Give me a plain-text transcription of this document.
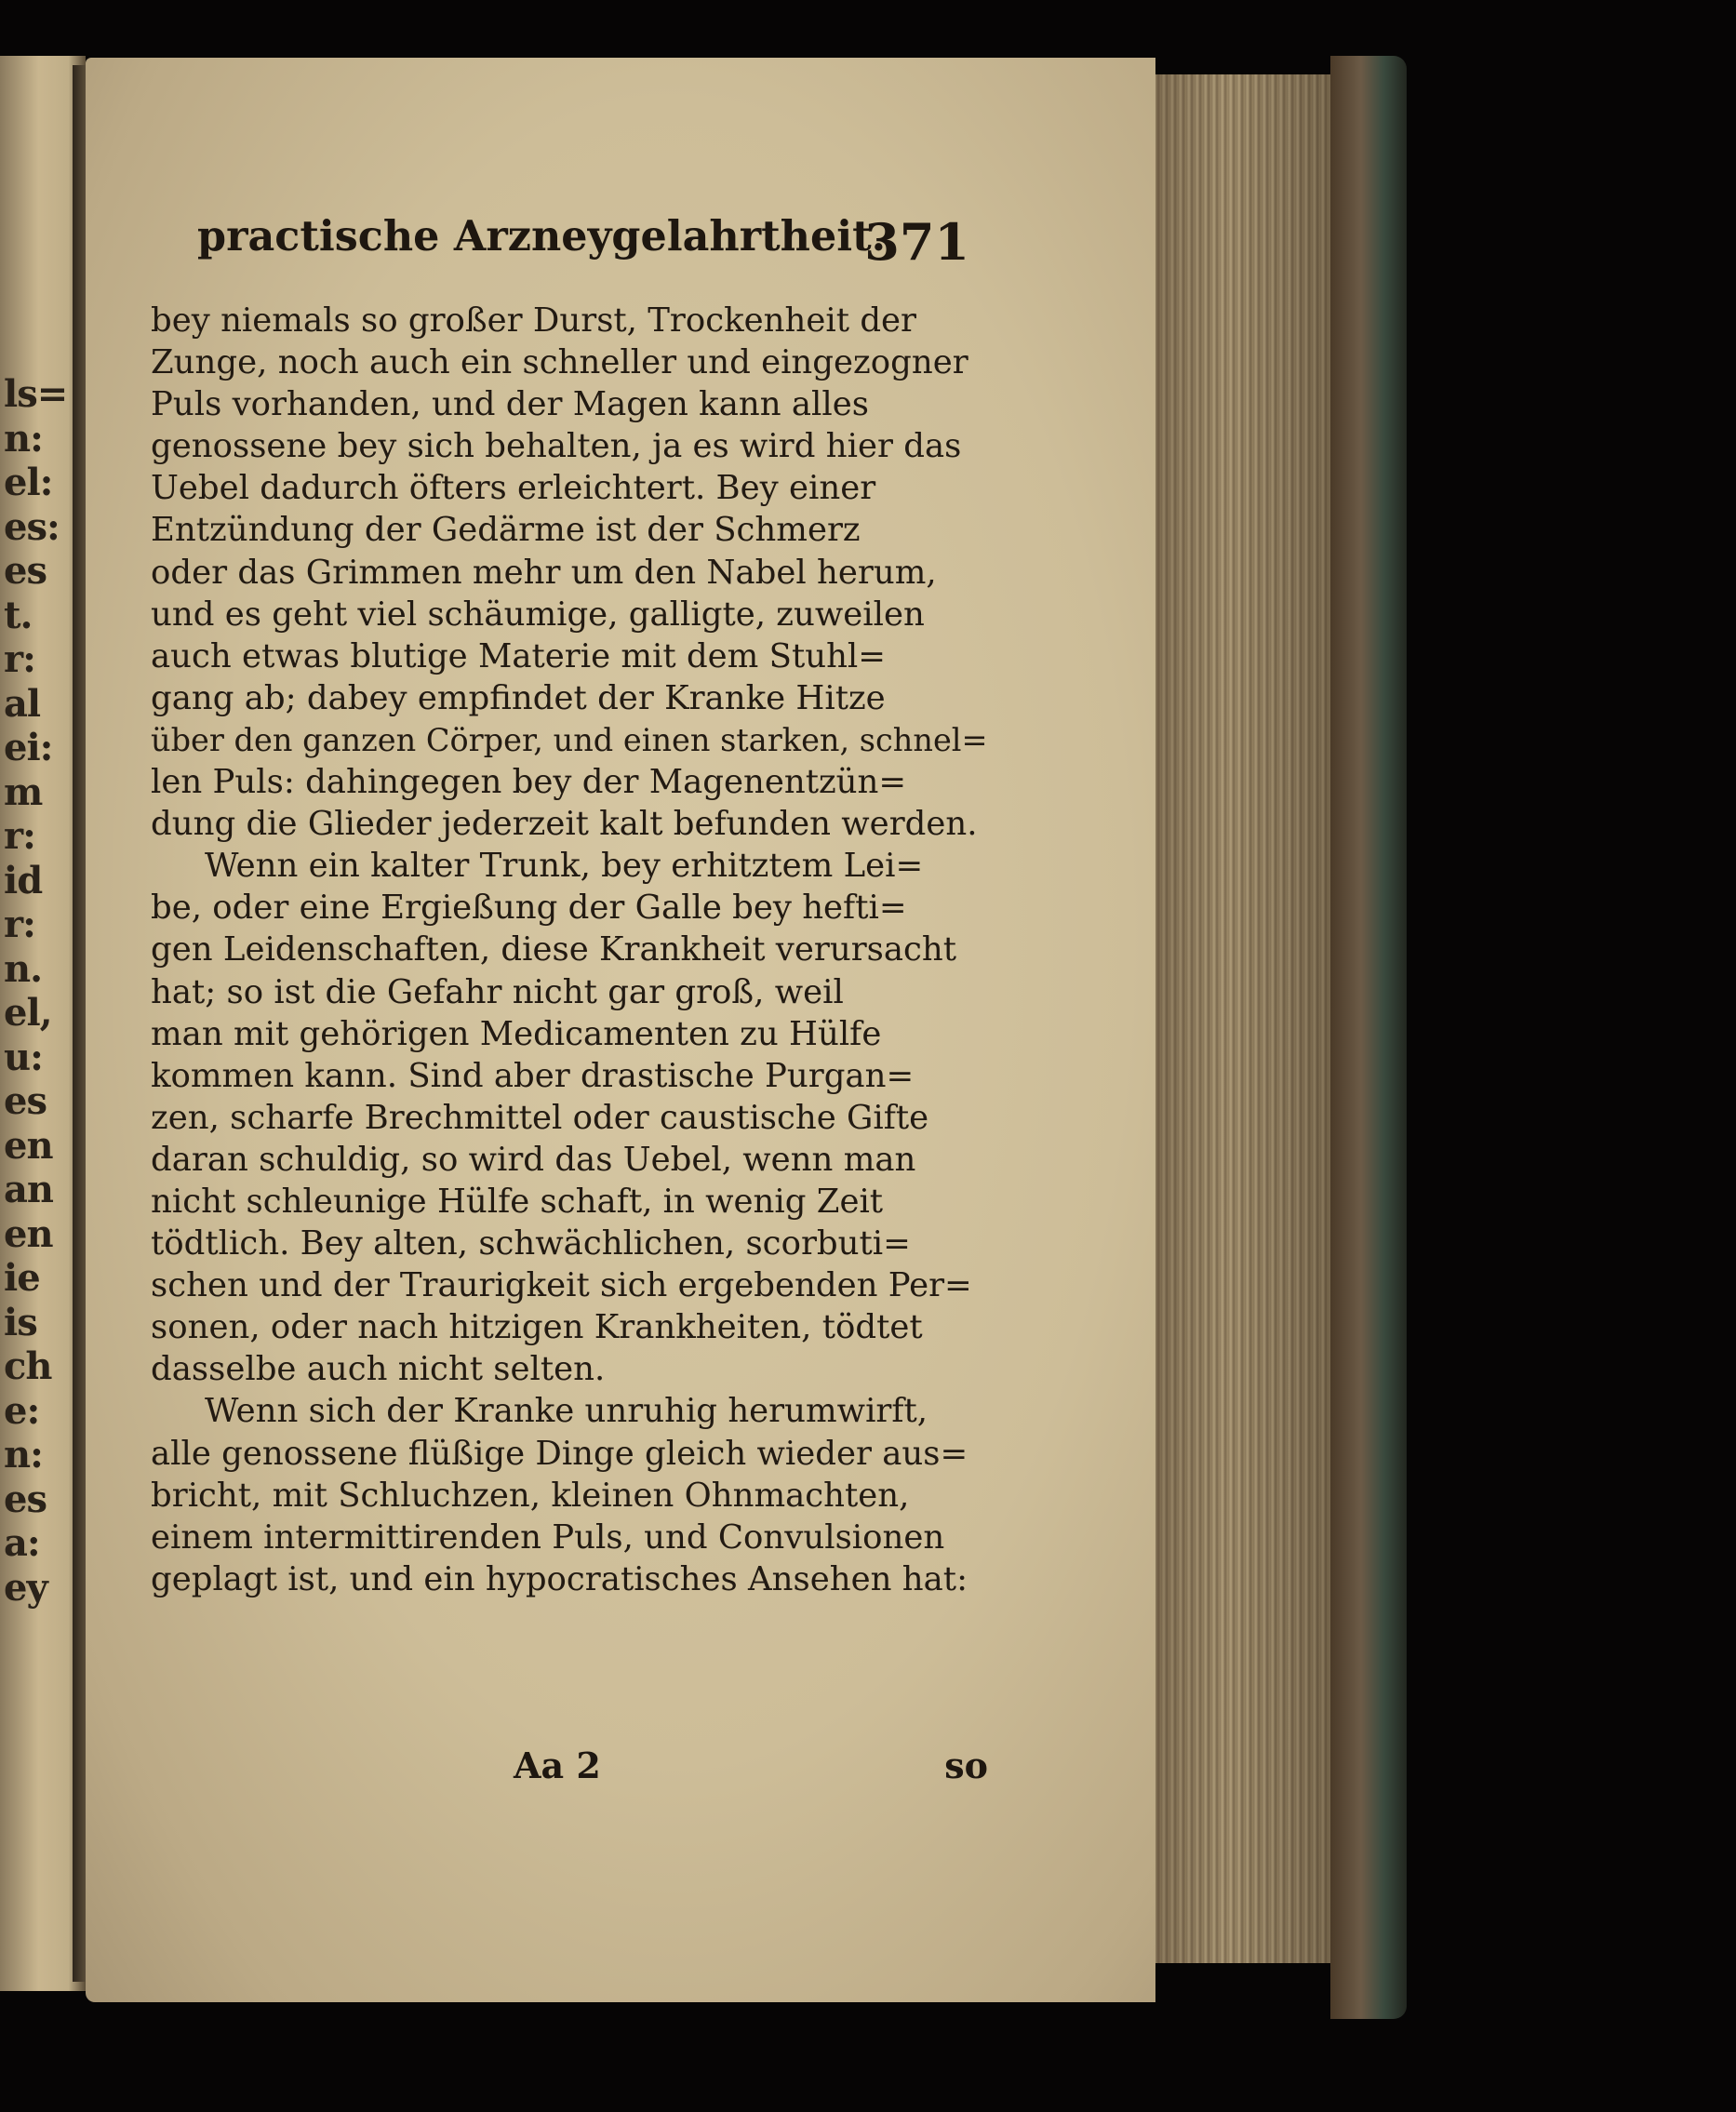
ls=
n:
el:
es:
es
t.
r:
al
ei:
m
r:
id
r:
n.
el,
u:
es
en
an
en
ie
is
ch
e:
n:
es
a:
ey
practische Arzneygelahrtheit.
371
bey niemals so großer Durst, Trockenheit der
Zunge, noch auch ein schneller und eingezogner
Puls vorhanden, und der Magen kann alles
genossene bey sich behalten, ja es wird hier das
Uebel dadurch öfters erleichtert. Bey einer
Entzündung der Gedärme ist der Schmerz
oder das Grimmen mehr um den Nabel herum,
und es geht viel schäumige, galligte, zuweilen
auch etwas blutige Materie mit dem Stuhl=
gang ab; dabey empfindet der Kranke Hitze
über den ganzen Cörper, und einen starken, schnel=
len Puls: dahingegen bey der Magenentzün=
dung die Glieder jederzeit kalt befunden werden.
Wenn ein kalter Trunk, bey erhitztem Lei=
be, oder eine Ergießung der Galle bey hefti=
gen Leidenschaften, diese Krankheit verursacht
hat; so ist die Gefahr nicht gar groß, weil
man mit gehörigen Medicamenten zu Hülfe
kommen kann. Sind aber drastische Purgan=
zen, scharfe Brechmittel oder caustische Gifte
daran schuldig, so wird das Uebel, wenn man
nicht schleunige Hülfe schaft, in wenig Zeit
tödtlich. Bey alten, schwächlichen, scorbuti=
schen und der Traurigkeit sich ergebenden Per=
sonen, oder nach hitzigen Krankheiten, tödtet
dasselbe auch nicht selten.
Wenn sich der Kranke unruhig herumwirft,
alle genossene flüßige Dinge gleich wieder aus=
bricht, mit Schluchzen, kleinen Ohnmachten,
einem intermittirenden Puls, und Convulsionen
geplagt ist, und ein hypocratisches Ansehen hat:
Aa 2	so
